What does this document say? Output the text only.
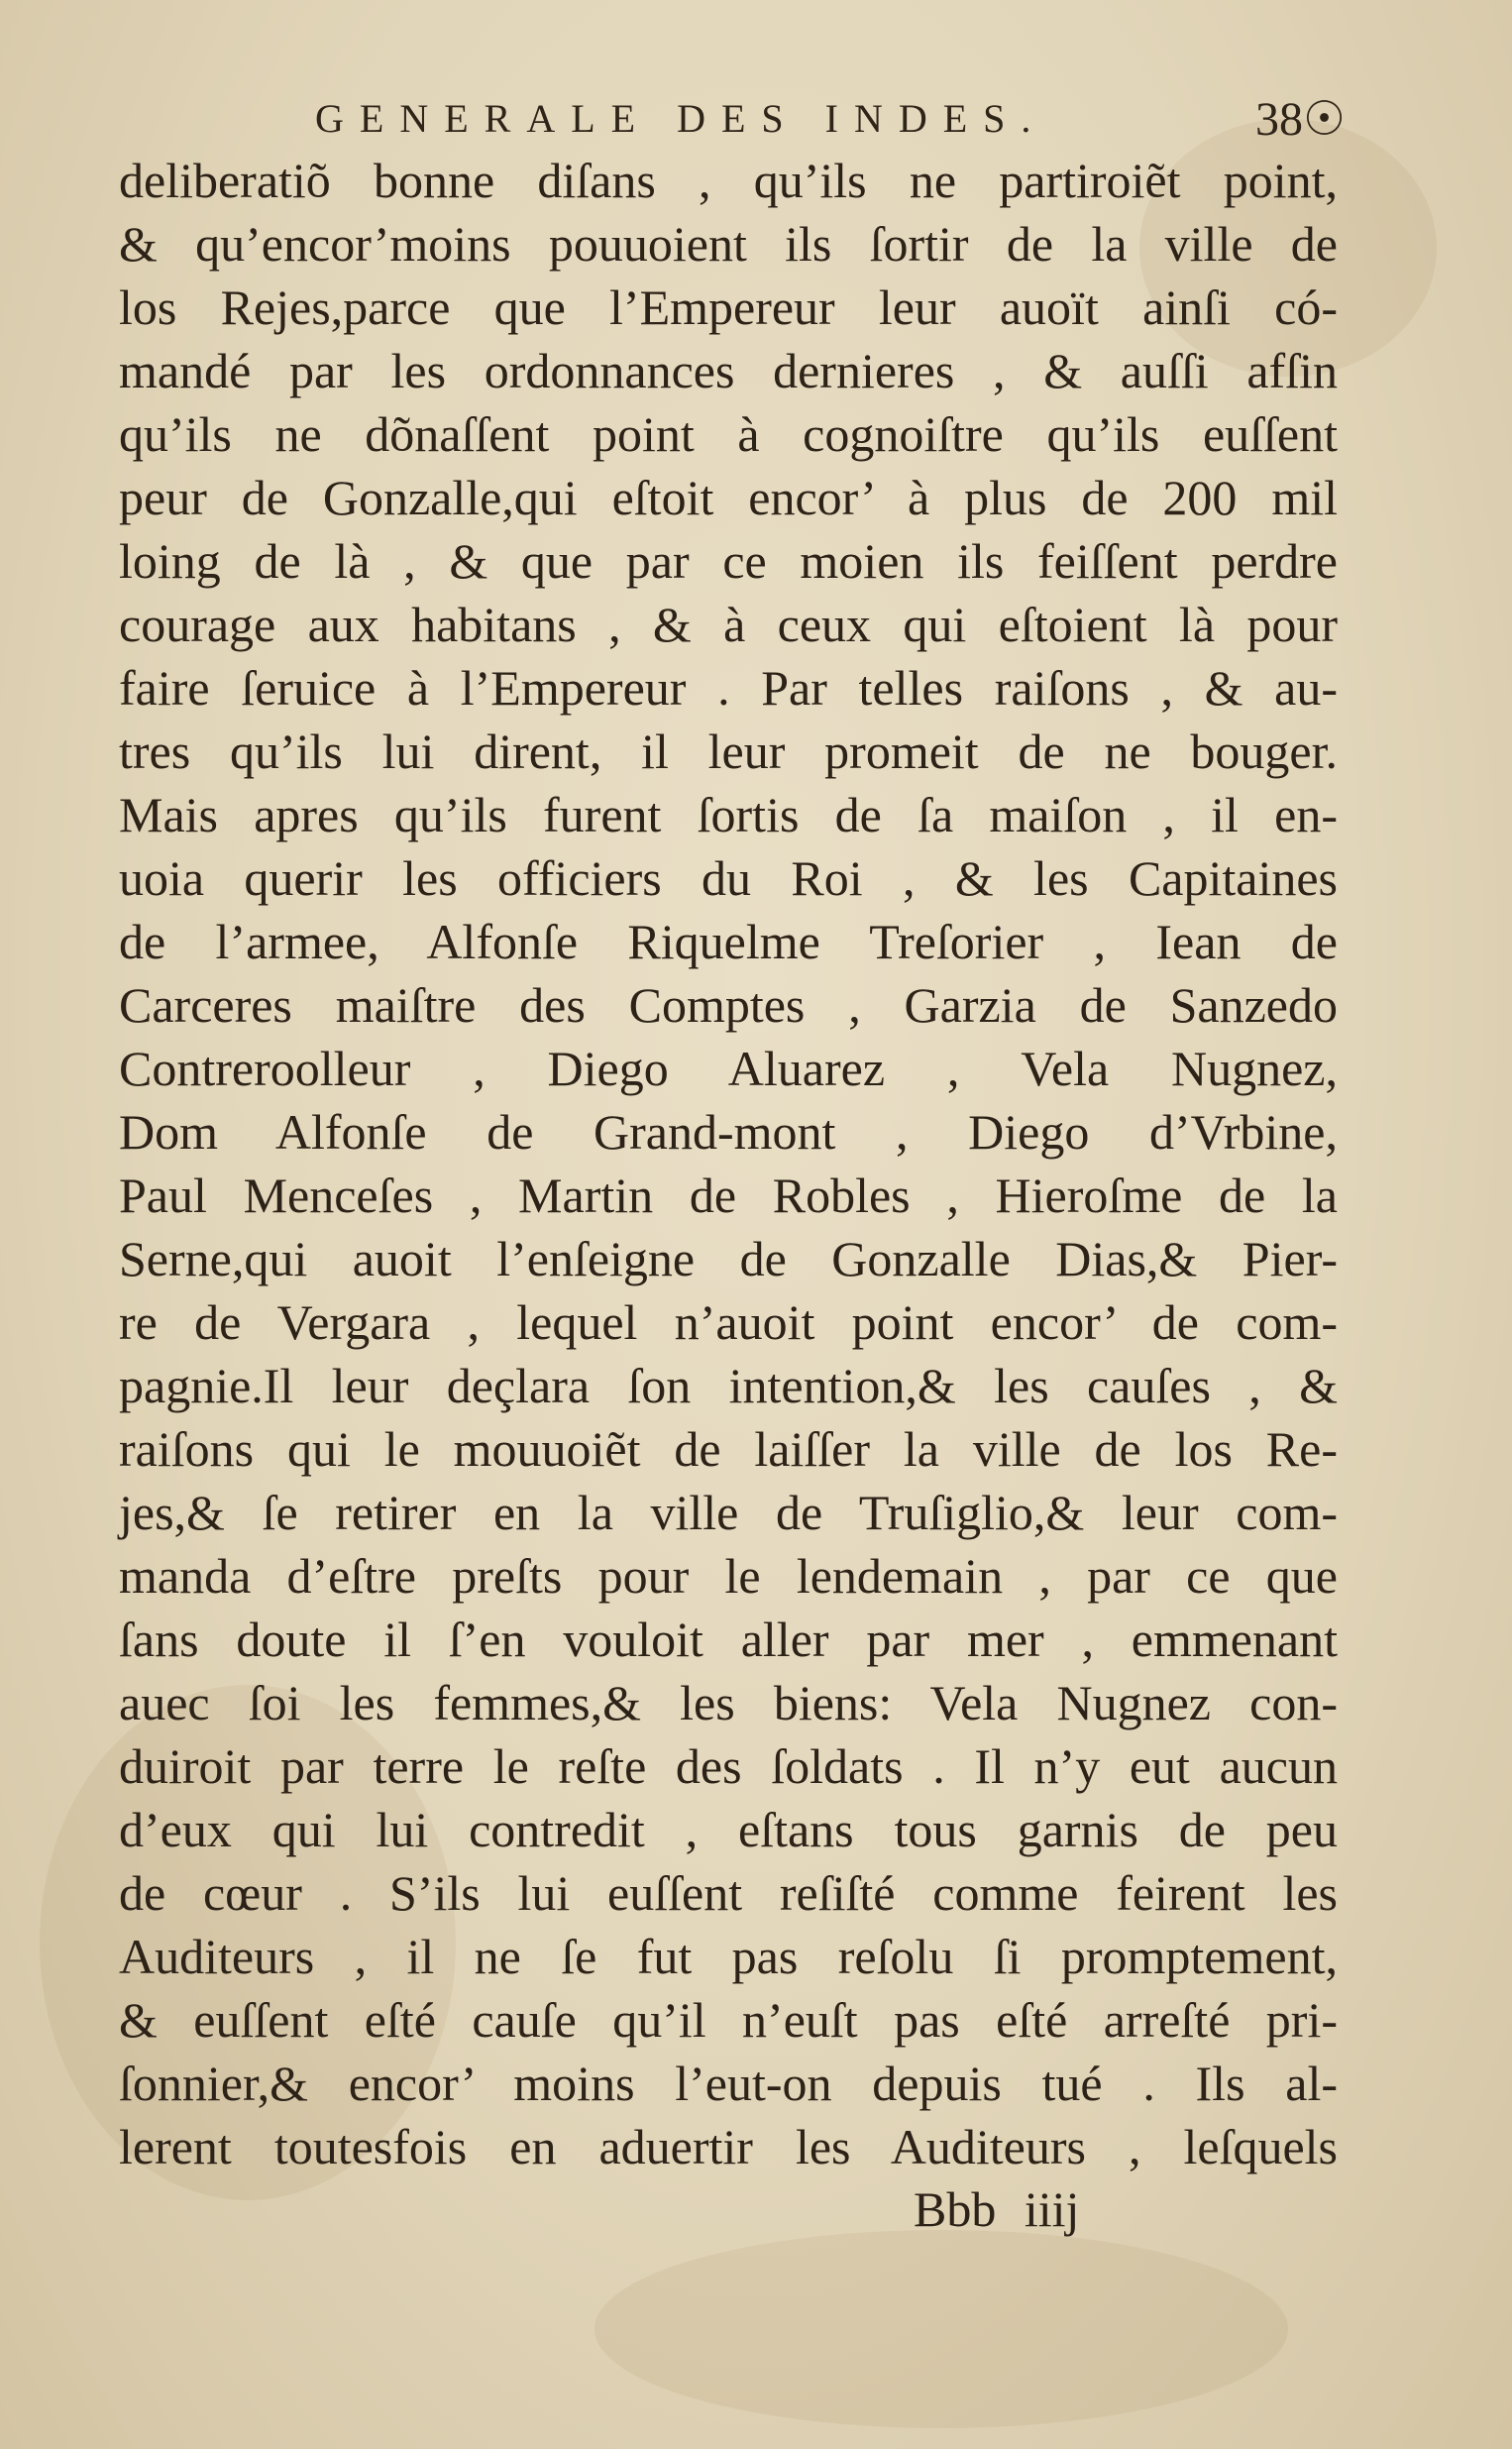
GENERALE DES INDES.	38☉
deliberatiõ bonne diſans , qu’ils ne partiroiẽt point,
& qu’encor’moins pouuoient ils ſortir de la ville de
los Rejes,parce que l’Empereur leur auoït ainſi có-
mandé par les ordonnances dernieres , & auſſi afſin
qu’ils ne dõnaſſent point à cognoiſtre qu’ils euſſent
peur de Gonzalle,qui eſtoit encor’ à plus de 200 mil
loing de là , & que par ce moien ils feiſſent perdre
courage aux habitans , & à ceux qui eſtoient là pour
faire ſeruice à l’Empereur . Par telles raiſons , & au-
tres qu’ils lui dirent, il leur promeit de ne bouger.
Mais apres qu’ils furent ſortis de ſa maiſon , il en-
uoia querir les officiers du Roi , & les Capitaines
de l’armee, Alfonſe Riquelme Treſorier , Iean de
Carceres maiſtre des Comptes , Garzia de Sanzedo
Contreroolleur , Diego Aluarez , Vela Nugnez,
Dom Alfonſe de Grand-mont , Diego d’Vrbine,
Paul Menceſes , Martin de Robles , Hieroſme de la
Serne,qui auoit l’enſeigne de Gonzalle Dias,& Pier-
re de Vergara , lequel n’auoit point encor’ de com-
pagnie.Il leur deçlara ſon intention,& les cauſes , &
raiſons qui le mouuoiẽt de laiſſer la ville de los Re-
jes,& ſe retirer en la ville de Truſiglio,& leur com-
manda d’eſtre preſts pour le lendemain , par ce que
ſans doute il ſ’en vouloit aller par mer , emmenant
auec ſoi les femmes,& les biens: Vela Nugnez con-
duiroit par terre le reſte des ſoldats . Il n’y eut aucun
d’eux qui lui contredit , eſtans tous garnis de peu
de cœur . S’ils lui euſſent reſiſté comme feirent les
Auditeurs , il ne ſe fut pas reſolu ſi promptement,
& euſſent eſté cauſe qu’il n’euſt pas eſté arreſté pri-
ſonnier,& encor’ moins l’eut-on depuis tué . Ils al-
lerent toutesfois en aduertir les Auditeurs , leſquels
Bbb iiij
